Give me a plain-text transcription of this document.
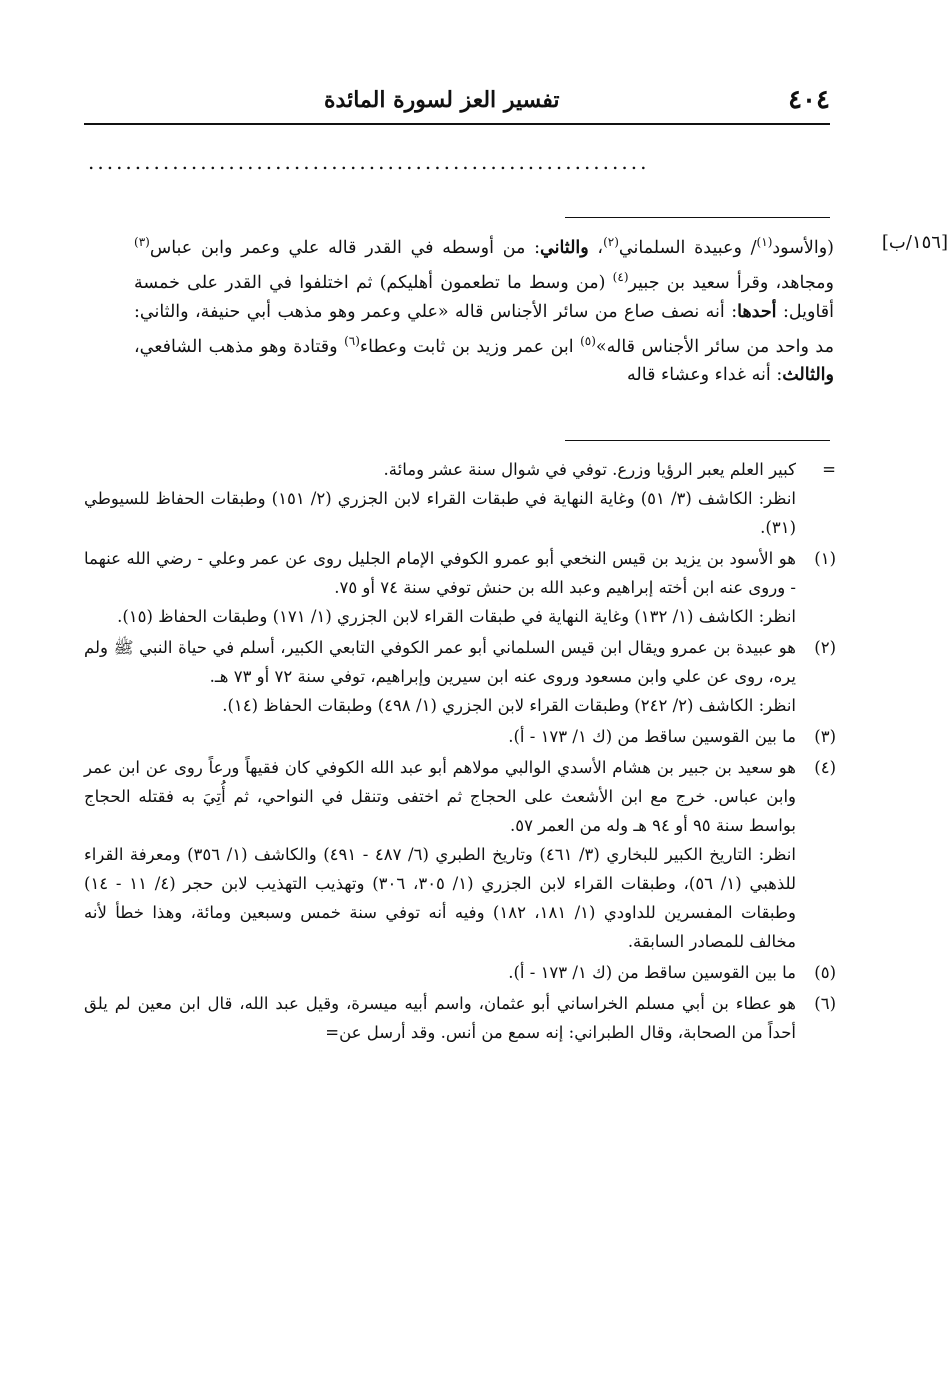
٤٠٤
تفسير العز لسورة المائدة
............................................................
[١٥٦/ب]
(والأسود$^{(١)}$/ وعبيدة السلماني$^{(٢)}$، والثاني: من أوسطه في القدر قاله علي وعمر وابن عباس$^{(٣)}$ ومجاهد، وقرأ سعيد بن جبير$^{(٤)}$ (من وسط ما تطعمون أهليكم) ثم اختلفوا في القدر على خمسة أقاويل: أحدها: أنه نصف صاع من سائر الأجناس قاله «علي وعمر وهو مذهب أبي حنيفة، والثاني: مد واحد من سائر الأجناس قاله»$^{(٥)}$ ابن عمر وزيد بن ثابت وعطاء$^{(٦)}$ وقتادة وهو مذهب الشافعي، والثالث: أنه غداء وعشاء قاله
=

كبير العلم يعبر الرؤيا وزرع. توفي في شوال سنة عشر ومائة.

انظر: الكاشف (٣/ ٥١) وغاية النهاية في طبقات القراء لابن الجزري (٢/ ١٥١) وطبقات الحفاظ للسيوطي (٣١).

(١)

هو الأسود بن يزيد بن قيس النخعي أبو عمرو الكوفي الإمام الجليل روى عن عمر وعلي - رضي الله عنهما - وروى عنه ابن أخته إبراهيم وعبد الله بن حنش توفي سنة ٧٤ أو ٧٥.

انظر: الكاشف (١/ ١٣٢) وغاية النهاية في طبقات القراء لابن الجزري (١/ ١٧١) وطبقات الحفاظ (١٥).

(٢)

هو عبيدة بن عمرو ويقال ابن قيس السلماني أبو عمر الكوفي التابعي الكبير، أسلم في حياة النبي ﷺ ولم يره، روى عن علي وابن مسعود وروى عنه ابن سيرين وإبراهيم، توفي سنة ٧٢ أو ٧٣ هـ.

انظر: الكاشف (٢/ ٢٤٢) وطبقات القراء لابن الجزري (١/ ٤٩٨) وطبقات الحفاظ (١٤).

(٣)

ما بين القوسين ساقط من (ك ١/ ١٧٣ - أ).

(٤)

هو سعيد بن جبير بن هشام الأسدي الوالبي مولاهم أبو عبد الله الكوفي كان فقيهاً ورعاً روى عن ابن عمر وابن عباس. خرج مع ابن الأشعث على الحجاج ثم اختفى وتنقل في النواحي، ثم أُتِيَ به فقتله الحجاج بواسط سنة ٩٥ أو ٩٤ هـ وله من العمر ٥٧.

انظر: التاريخ الكبير للبخاري (٣/ ٤٦١) وتاريخ الطبري (٦/ ٤٨٧ - ٤٩١) والكاشف (١/ ٣٥٦) ومعرفة القراء للذهبي (١/ ٥٦)، وطبقات القراء لابن الجزري (١/ ٣٠٥، ٣٠٦) وتهذيب التهذيب لابن حجر (٤/ ١١ - ١٤) وطبقات المفسرين للداودي (١/ ١٨١، ١٨٢) وفيه أنه توفي سنة خمس وسبعين ومائة، وهذا خطأ لأنه مخالف للمصادر السابقة.

(٥)

ما بين القوسين ساقط من (ك ١/ ١٧٣ - أ).

(٦)

هو عطاء بن أبي مسلم الخراساني أبو عثمان، واسم أبيه ميسرة، وقيل عبد الله، قال ابن معين لم يلق أحداً من الصحابة، وقال الطبراني: إنه سمع من أنس. وقد أرسل عن=
